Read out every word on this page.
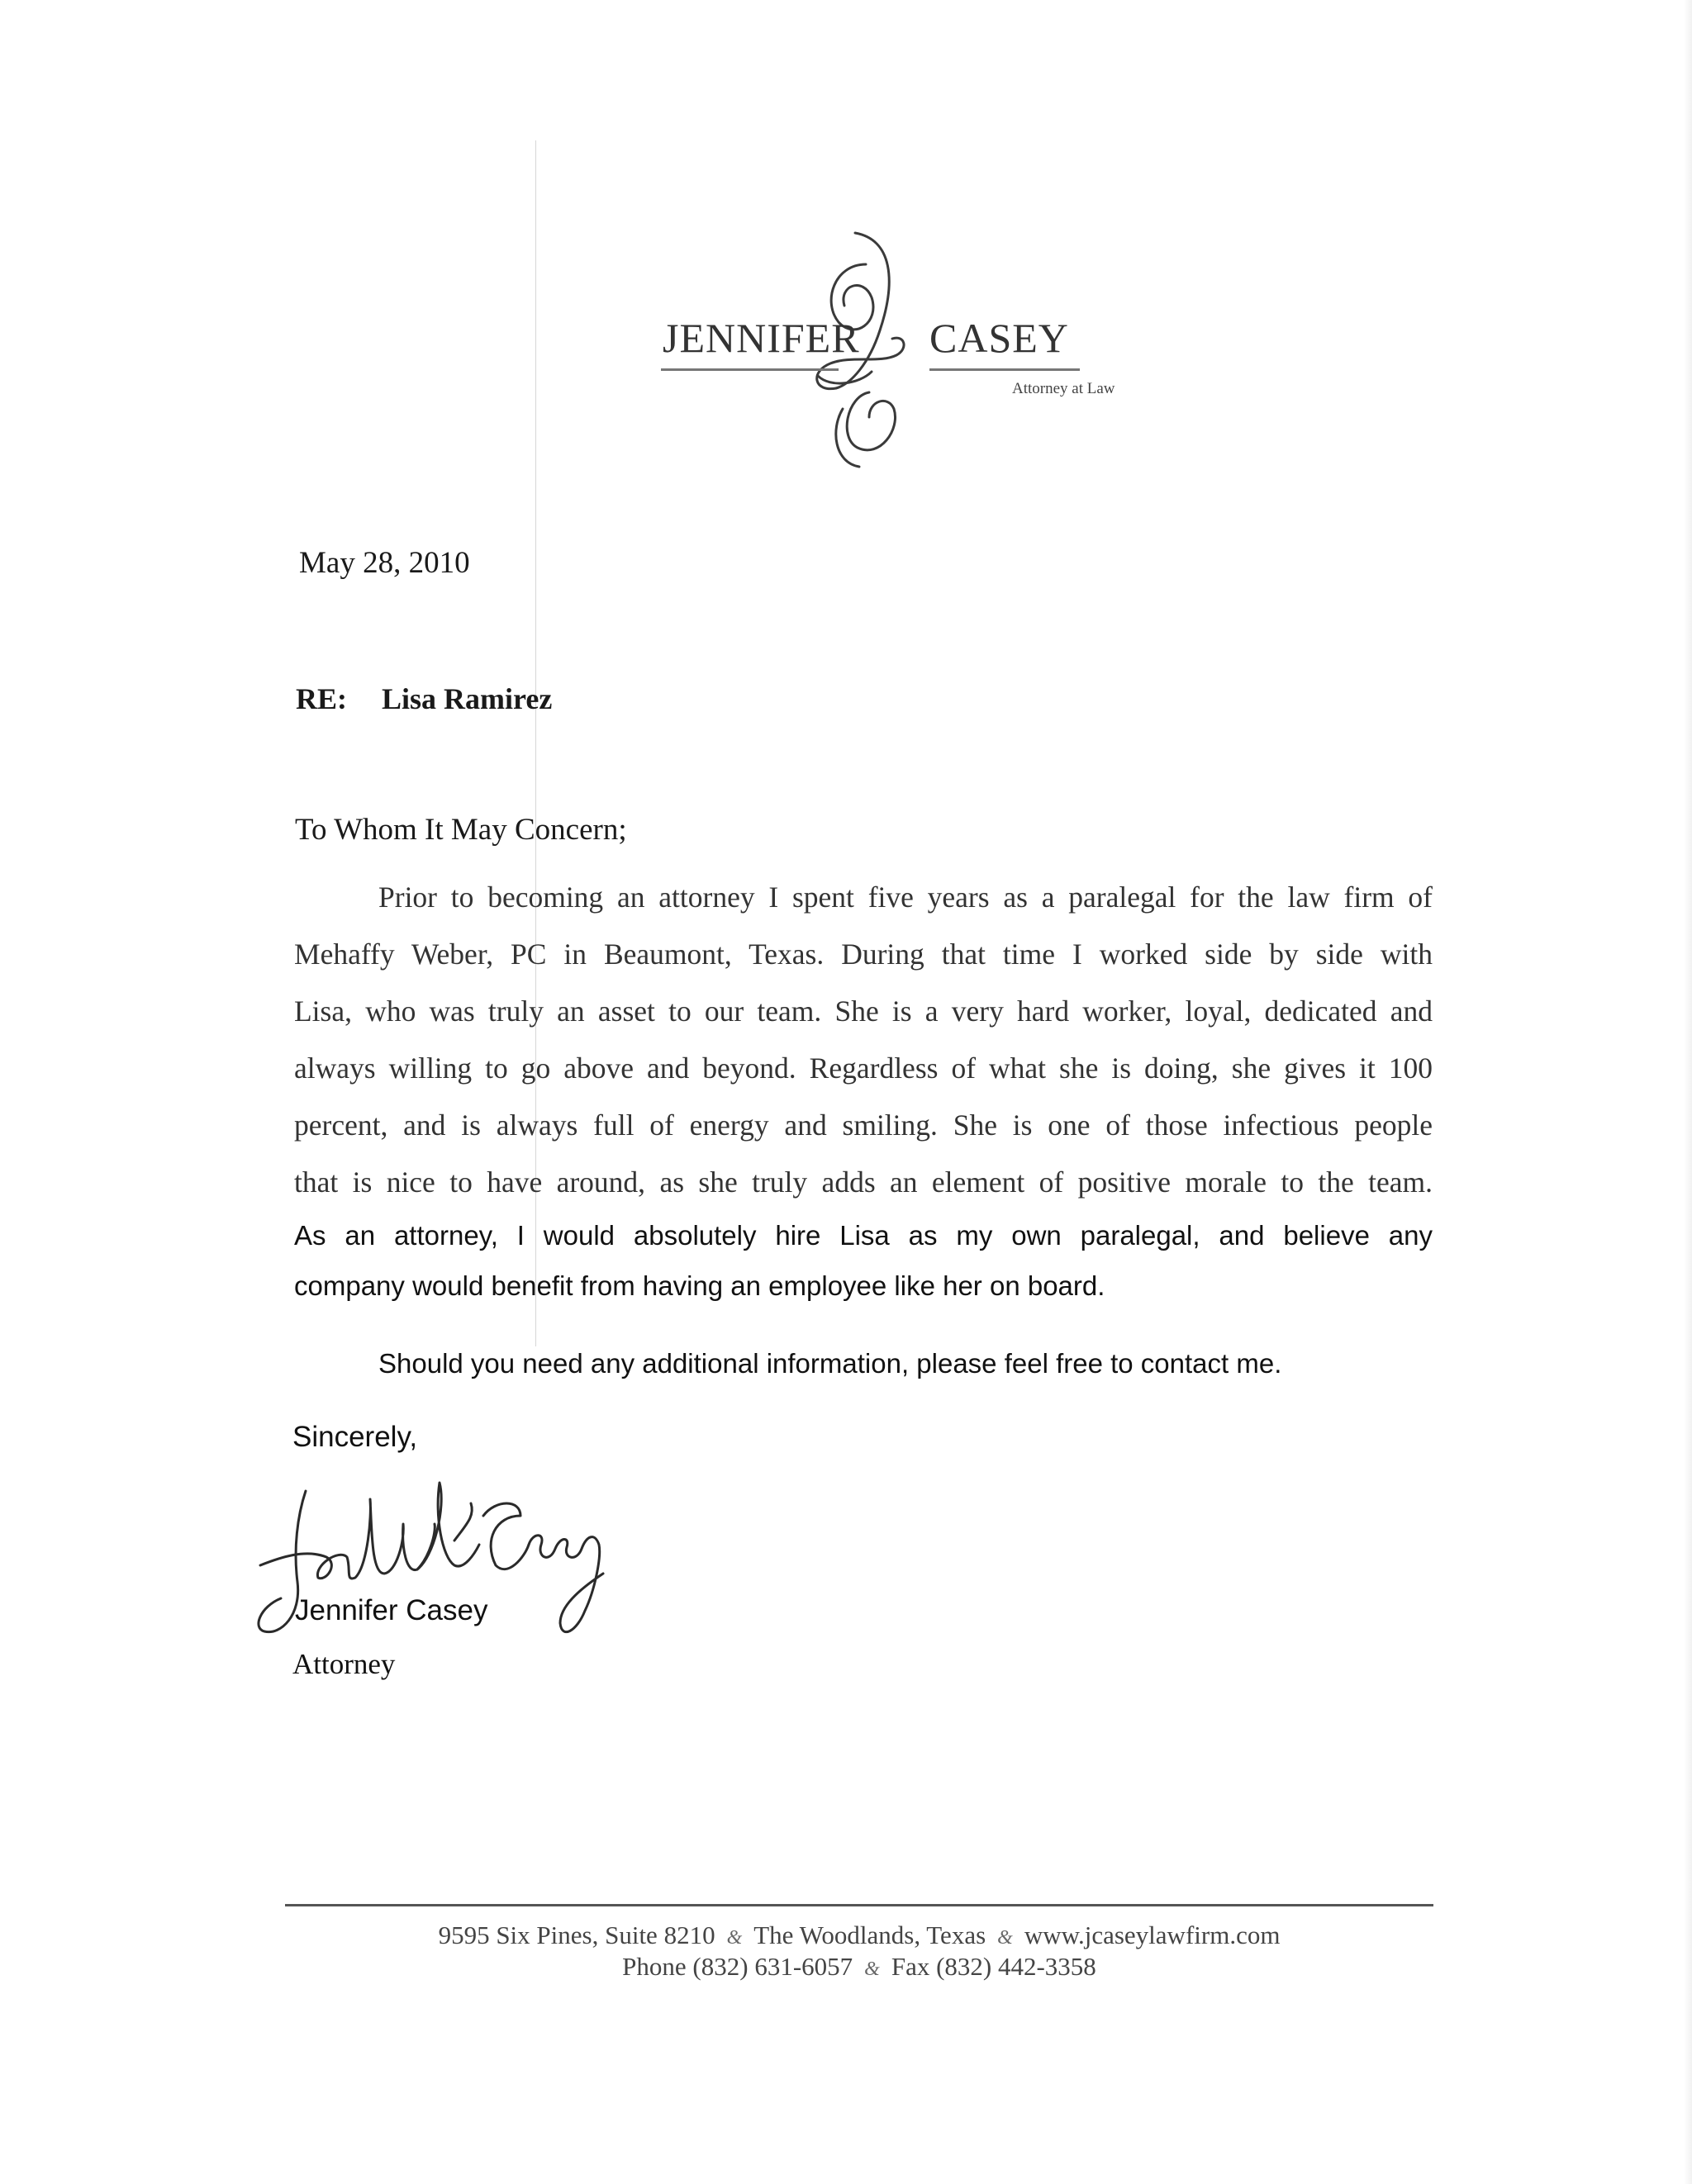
JENNIFER CASEY
Attorney at Law
May 28, 2010
RE: Lisa Ramirez
To Whom It May Concern;
Prior to becoming an attorney I spent five years as a paralegal for the law firm of
Mehaffy Weber, PC in Beaumont, Texas. During that time I worked side by side with
Lisa, who was truly an asset to our team. She is a very hard worker, loyal, dedicated and
always willing to go above and beyond. Regardless of what she is doing, she gives it 100
percent, and is always full of energy and smiling. She is one of those infectious people
that is nice to have around, as she truly adds an element of positive morale to the team.
As an attorney, I would absolutely hire Lisa as my own paralegal, and believe any
company would benefit from having an employee like her on board.
Should you need any additional information, please feel free to contact me.
Sincerely,
Jennifer Casey
Attorney
9595 Six Pines, Suite 8210 & The Woodlands, Texas & www.jcaseylawfirm.com
Phone (832) 631-6057 & Fax (832) 442-3358
